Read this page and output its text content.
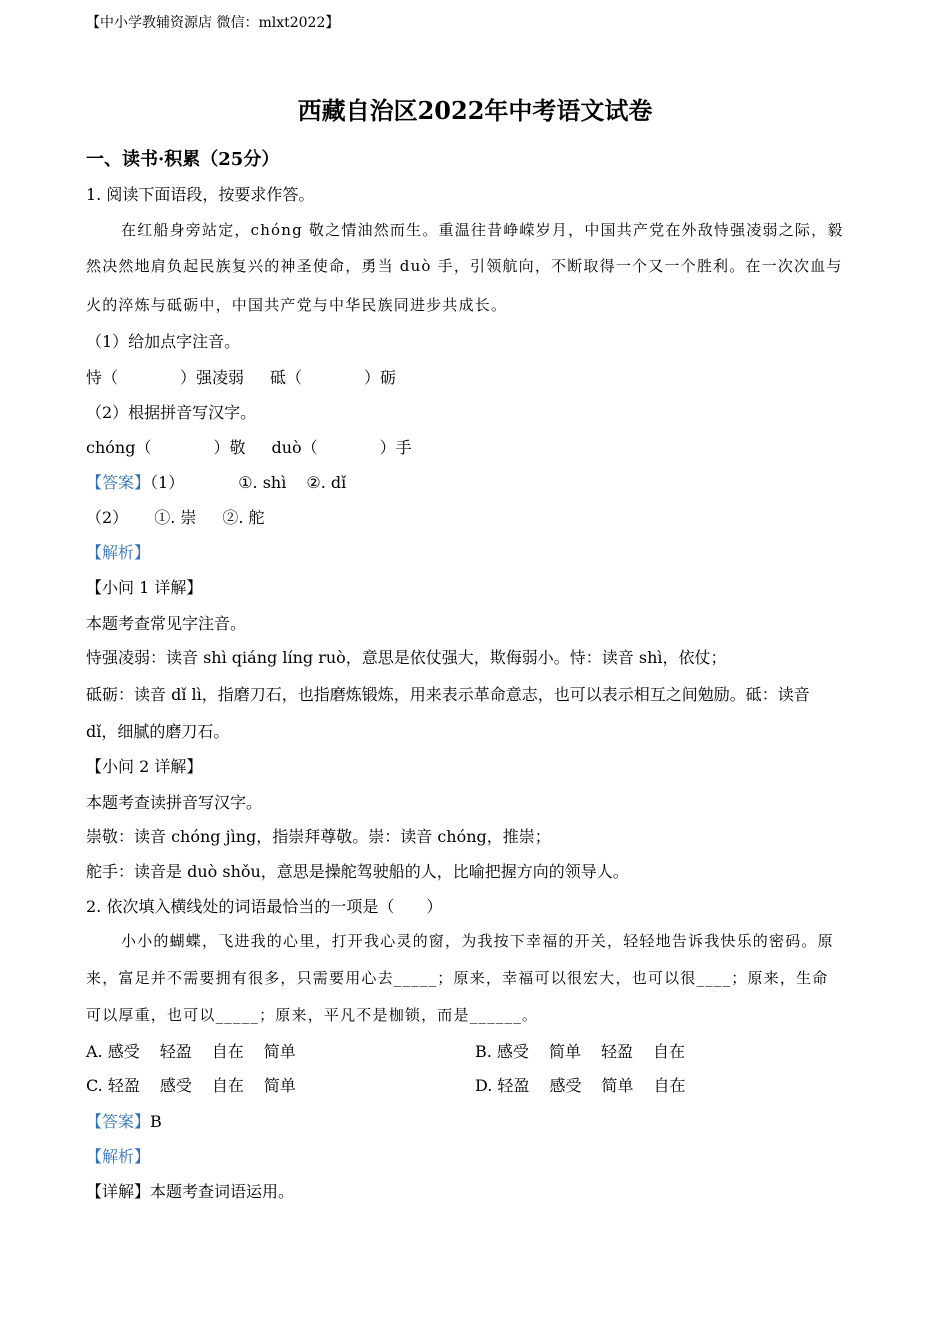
【中小学教辅资源店 微信：mlxt2022】
西藏自治区2022年中考语文试卷
一、读书·积累（25分）
1. 阅读下面语段，按要求作答。
在红船身旁站定，chóng 敬之情油然而生。重温往昔峥嵘岁月，中国共产党在外敌恃强凌弱之际，毅
然决然地肩负起民族复兴的神圣使命，勇当 duò 手，引领航向，不断取得一个又一个胜利。在一次次血与
火的淬炼与砥砺中，中国共产党与中华民族同进步共成长。
（1）给加点字注音。
恃（	）强凌弱 砥（	）砺
（2）根据拼音写汉字。
chóng（	）敬 duò（	）手
【答案】（1）	①. shì ②. dǐ
（2） ①. 崇 ②. 舵
【解析】
【小问 1 详解】
本题考查常见字注音。
恃强凌弱：读音 shì qiáng líng ruò，意思是依仗强大，欺侮弱小。恃：读音 shì，依仗；
砥砺：读音 dǐ lì，指磨刀石，也指磨炼锻炼，用来表示革命意志，也可以表示相互之间勉励。砥：读音
dǐ，细腻的磨刀石。
【小问 2 详解】
本题考查读拼音写汉字。
崇敬：读音 chóng jìng，指崇拜尊敬。崇：读音 chóng，推崇；
舵手：读音是 duò shǒu，意思是操舵驾驶船的人，比喻把握方向的领导人。
2. 依次填入横线处的词语最恰当的一项是（　　）
小小的蝴蝶，飞进我的心里，打开我心灵的窗，为我按下幸福的开关，轻轻地告诉我快乐的密码。原
来，富足并不需要拥有很多，只需要用心去_____；原来，幸福可以很宏大，也可以很____；原来，生命
可以厚重，也可以_____；原来，平凡不是枷锁，而是______。
A. 感受 轻盈 自在 简单	B. 感受 简单 轻盈 自在
C. 轻盈 感受 自在 简单	D. 轻盈 感受 简单 自在
【答案】B
【解析】
【详解】本题考查词语运用。
